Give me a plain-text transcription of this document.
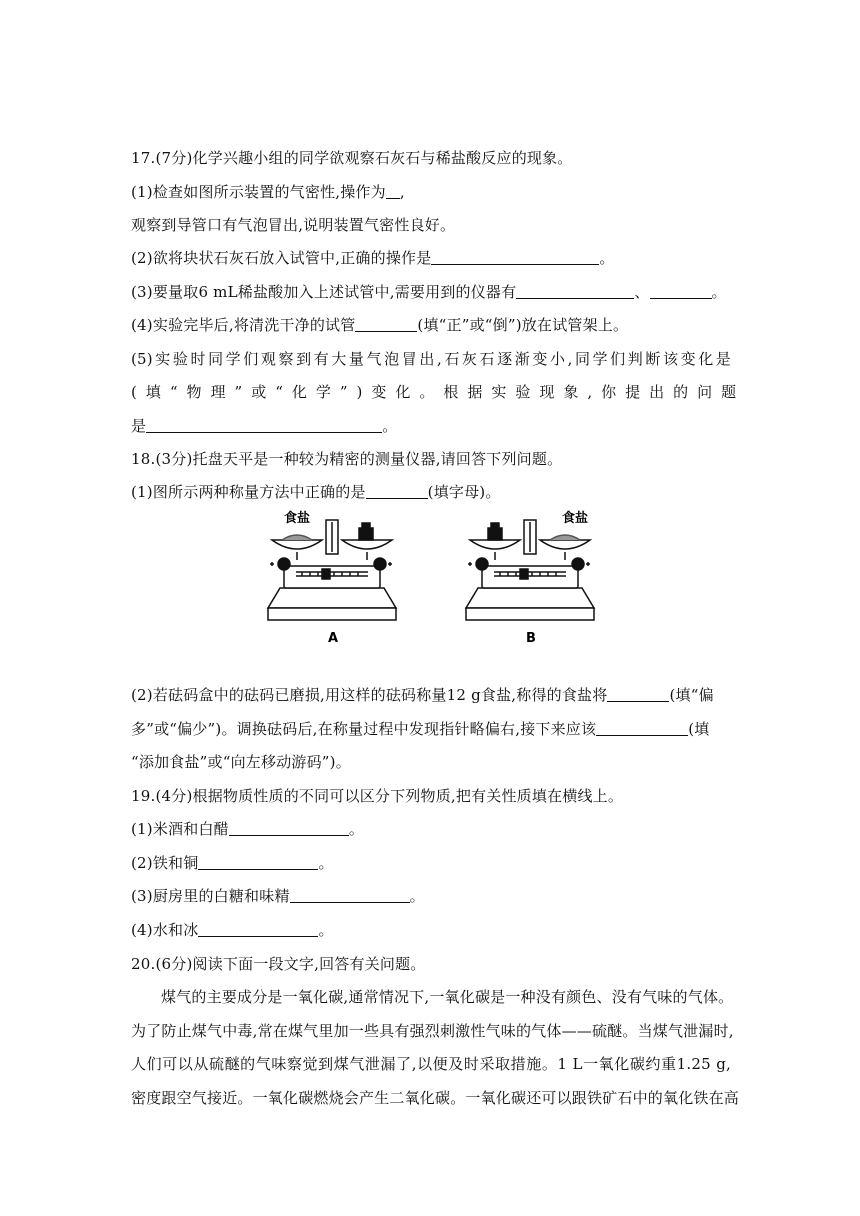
17.(7分)化学兴趣小组的同学欲观察石灰石与稀盐酸反应的现象。
(1)检查如图所示装置的气密性,操作为 ,
观察到导管口有气泡冒出,说明装置气密性良好。
(2)欲将块状石灰石放入试管中,正确的操作是	。
(3)要量取6 mL稀盐酸加入上述试管中,需要用到的仪器有	、	。
(4)实验完毕后,将清洗干净的试管	(填“正”或“倒”)放在试管架上。
(5)实验时同学们观察到有大量气泡冒出,石灰石逐渐变小,同学们判断该变化是
(填“物理”或“化学”)变化。根据实验现象,你提出的问题
是	。
18.(3分)托盘天平是一种较为精密的测量仪器,请回答下列问题。
(1)图所示两种称量方法中正确的是	(填字母)。
食盐
A
食盐
B
(2)若砝码盒中的砝码已磨损,用这样的砝码称量12 g食盐,称得的食盐将	(填“偏
多”或“偏少”)。调换砝码后,在称量过程中发现指针略偏右,接下来应该	(填
“添加食盐”或“向左移动游码”)。
19.(4分)根据物质性质的不同可以区分下列物质,把有关性质填在横线上。
(1)米酒和白醋	。
(2)铁和铜	。
(3)厨房里的白糖和味精	。
(4)水和冰	。
20.(6分)阅读下面一段文字,回答有关问题。
煤气的主要成分是一氧化碳,通常情况下,一氧化碳是一种没有颜色、没有气味的气体。
为了防止煤气中毒,常在煤气里加一些具有强烈刺激性气味的气体——硫醚。当煤气泄漏时,
人们可以从硫醚的气味察觉到煤气泄漏了,以便及时采取措施。1 L一氧化碳约重1.25 g,
密度跟空气接近。一氧化碳燃烧会产生二氧化碳。一氧化碳还可以跟铁矿石中的氧化铁在高
